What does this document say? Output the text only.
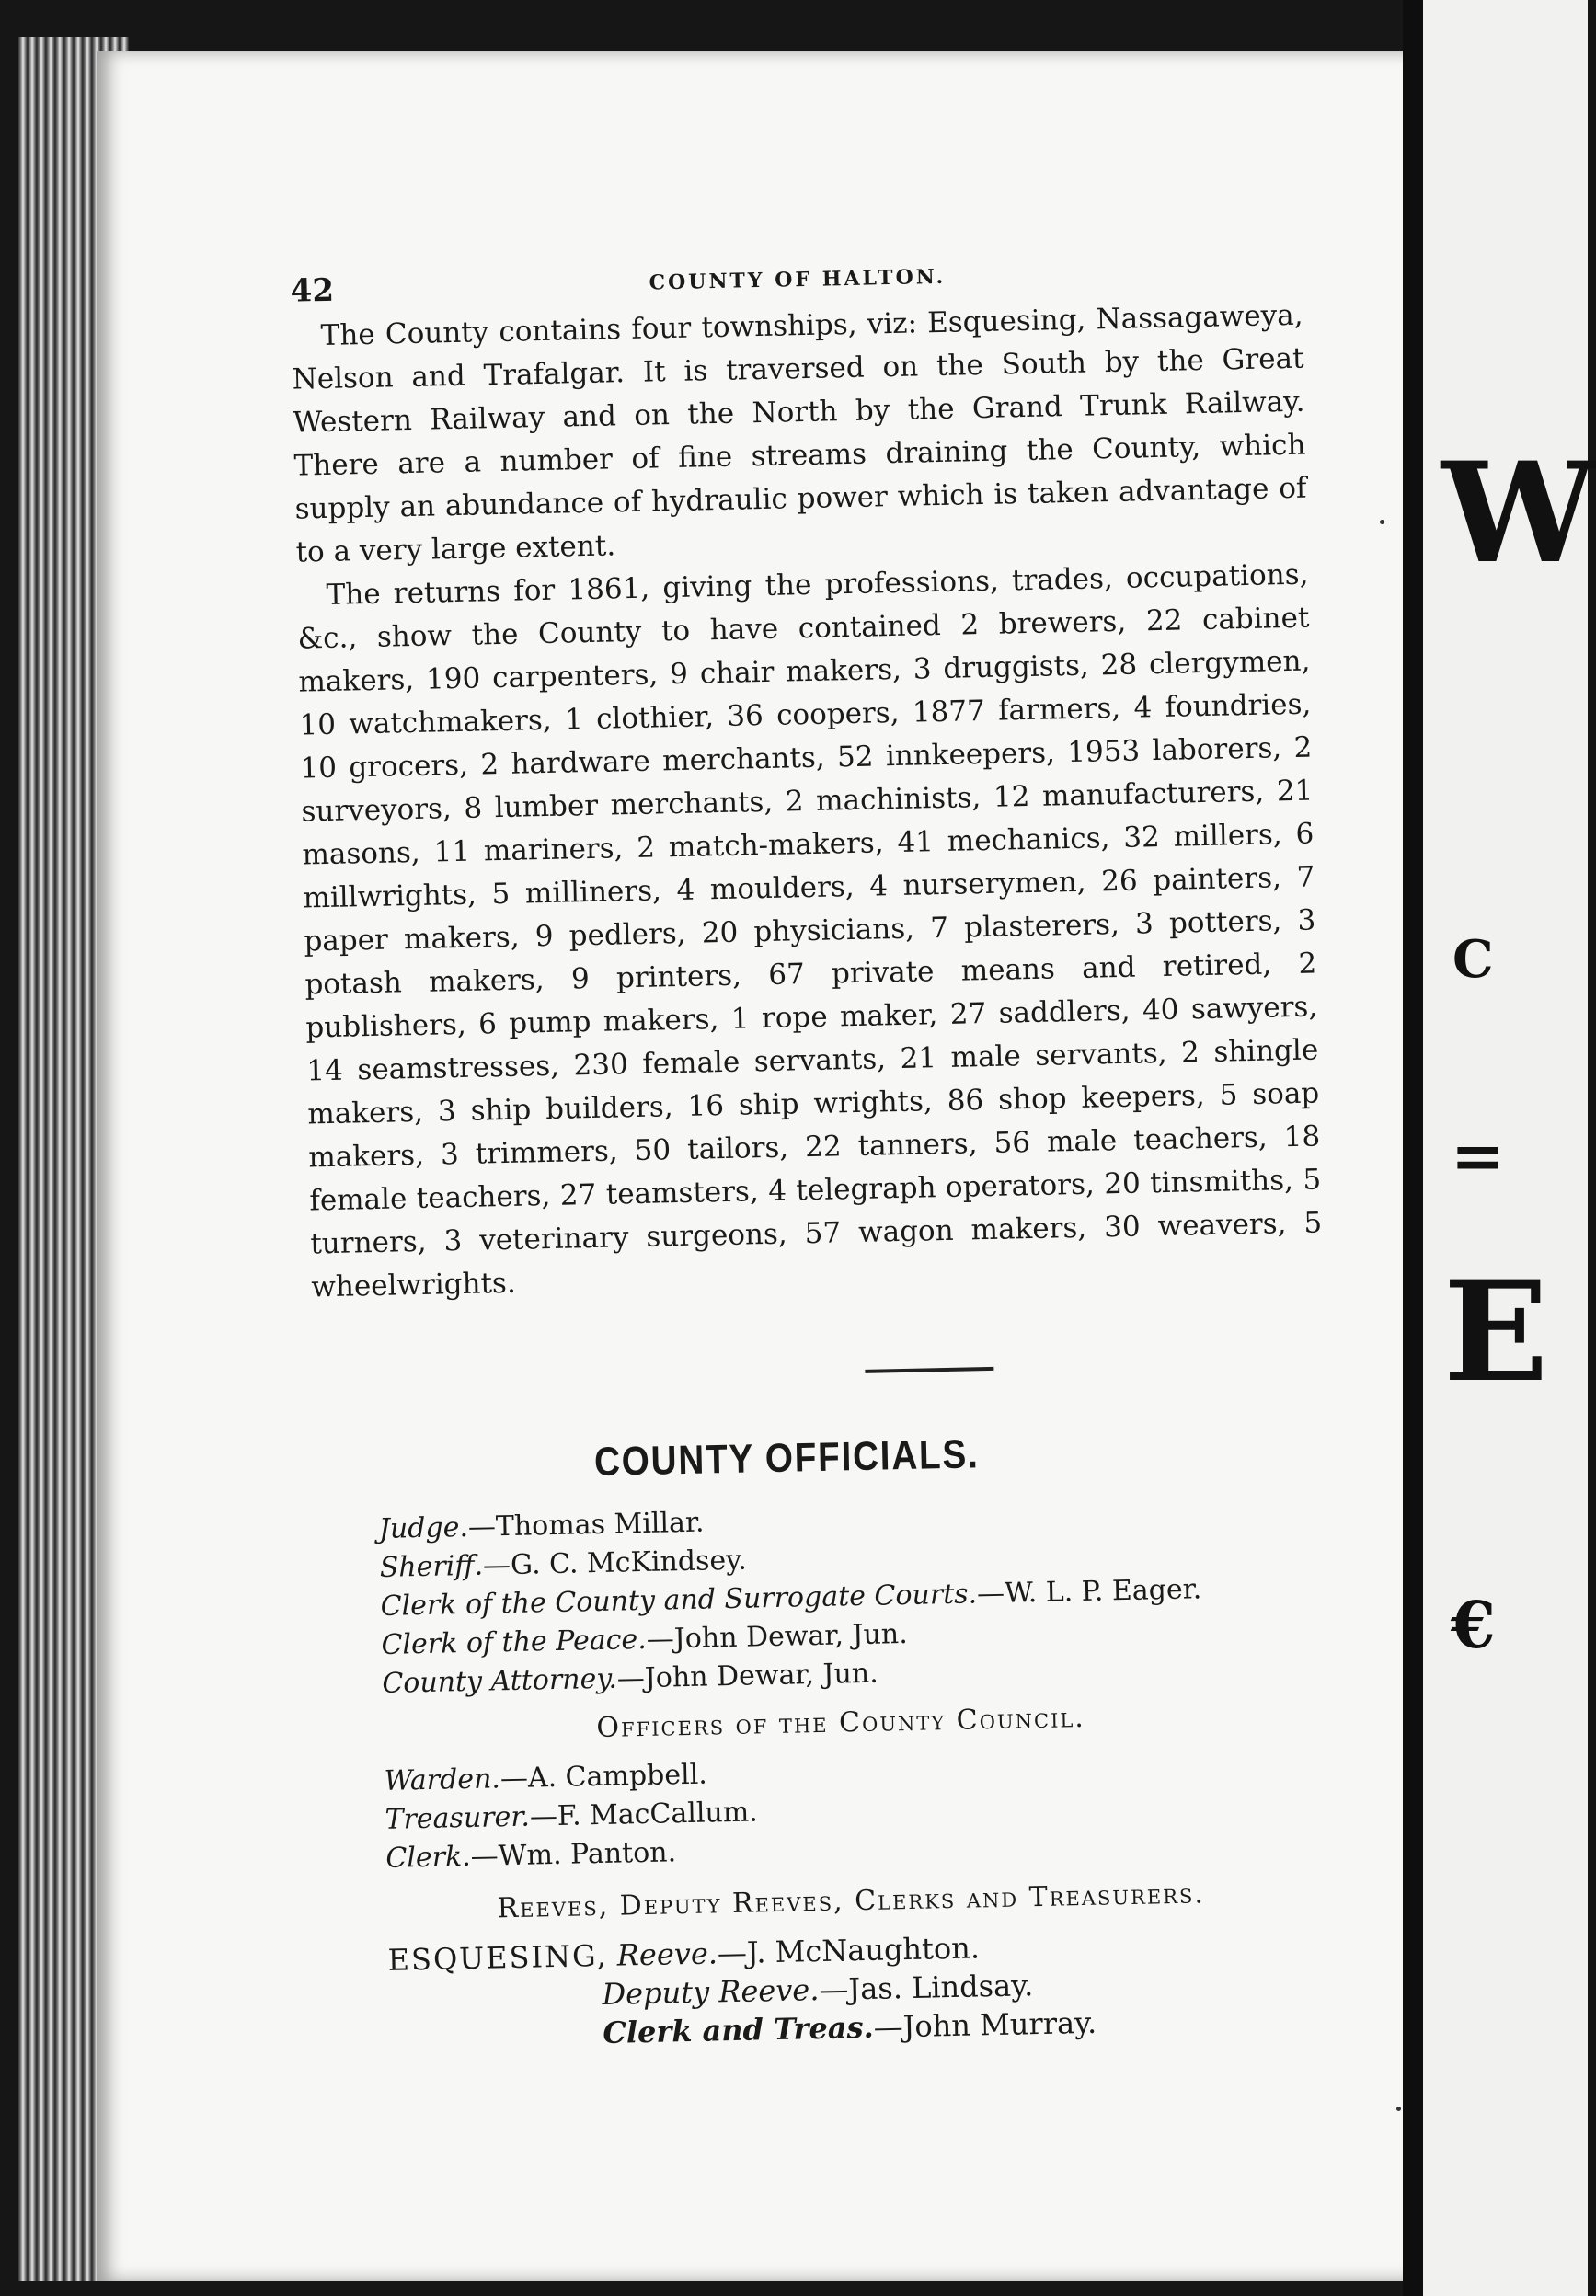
W
C
=
E
€
42	COUNTY OF HALTON.

The County contains four townships, viz: Esquesing, Nassagaweya, Nelson and Trafalgar. It is traversed on the South by the Great Western Railway and on the North by the Grand Trunk Railway. There are a number of fine streams draining the County, which supply an abundance of hydraulic power which is taken advantage of to a very large extent.

The returns for 1861, giving the professions, trades, occupations, &c., show the County to have contained 2 brewers, 22 cabinet makers, 190 carpenters, 9 chair makers, 3 druggists, 28 clergymen, 10 watchmakers, 1 clothier, 36 coopers, 1877 farmers, 4 foundries, 10 grocers, 2 hardware merchants, 52 innkeepers, 1953 laborers, 2 surveyors, 8 lumber merchants, 2 machinists, 12 manufacturers, 21 masons, 11 mariners, 2 match-makers, 41 mechanics, 32 millers, 6 millwrights, 5 milliners, 4 moulders, 4 nurserymen, 26 painters, 7 paper makers, 9 pedlers, 20 physicians, 7 plasterers, 3 potters, 3 potash makers, 9 printers, 67 private means and retired, 2 publishers, 6 pump makers, 1 rope maker, 27 saddlers, 40 sawyers, 14 seamstresses, 230 female servants, 21 male servants, 2 shingle makers, 3 ship builders, 16 ship wrights, 86 shop keepers, 5 soap makers, 3 trimmers, 50 tailors, 22 tanners, 56 male teachers, 18 female teachers, 27 teamsters, 4 telegraph operators, 20 tinsmiths, 5 turners, 3 veterinary surgeons, 57 wagon makers, 30 weavers, 5 wheelwrights.

COUNTY OFFICIALS.

Judge.—Thomas Millar.

Sheriff.—G. C. McKindsey.

Clerk of the County and Surrogate Courts.—W. L. P. Eager.

Clerk of the Peace.—John Dewar, Jun.

County Attorney.—John Dewar, Jun.

Officers of the County Council.

Warden.—A. Campbell.

Treasurer.—F. MacCallum.

Clerk.—Wm. Panton.

Reeves, Deputy Reeves, Clerks and Treasurers.

ESQUESING, Reeve.—J. McNaughton.

Deputy Reeve.—Jas. Lindsay.

Clerk and Treas.—John Murray.
